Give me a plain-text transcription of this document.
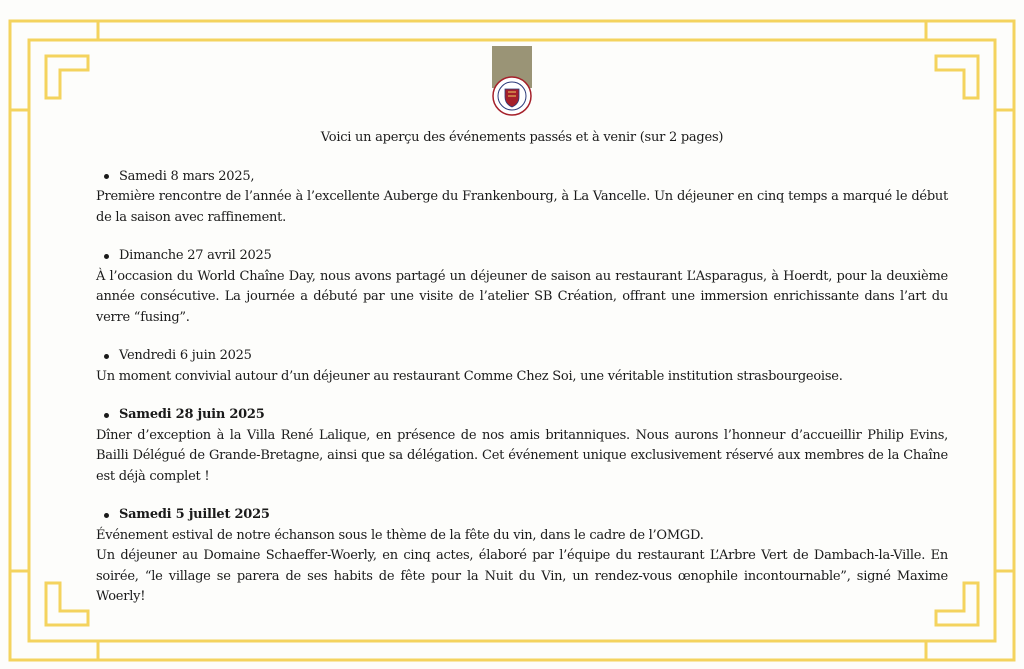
Voici un aperçu des événements passés et à venir (sur 2 pages)

Samedi 8 mars 2025,

Première rencontre de l’année à l’excellente Auberge du Frankenbourg, à La Vancelle. Un déjeuner en cinq temps a marqué le début de la saison avec raffinement.

Dimanche 27 avril 2025

À l’occasion du World Chaîne Day, nous avons partagé un déjeuner de saison au restaurant L’Asparagus, à Hoerdt, pour la deuxième année consécutive. La journée a débuté par une visite de l’atelier SB Création, offrant une immersion enrichissante dans l’art du verre “fusing”.

Vendredi 6 juin 2025

Un moment convivial autour d’un déjeuner au restaurant Comme Chez Soi, une véritable institution strasbourgeoise.

Samedi 28 juin 2025

Dîner d’exception à la Villa René Lalique, en présence de nos amis britanniques. Nous aurons l’honneur d’accueillir Philip Evins, Bailli Délégué de Grande-Bretagne, ainsi que sa délégation. Cet événement unique exclusivement réservé aux membres de la Chaîne est déjà complet !

Samedi 5 juillet 2025

Événement estival de notre échanson sous le thème de la fête du vin, dans le cadre de l’OMGD.

Un déjeuner au Domaine Schaeffer-Woerly, en cinq actes, élaboré par l’équipe du restaurant L’Arbre Vert de Dambach-la-Ville. En soirée, “le village se parera de ses habits de fête pour la Nuit du Vin, un rendez-vous œnophile incontournable”, signé Maxime Woerly!
